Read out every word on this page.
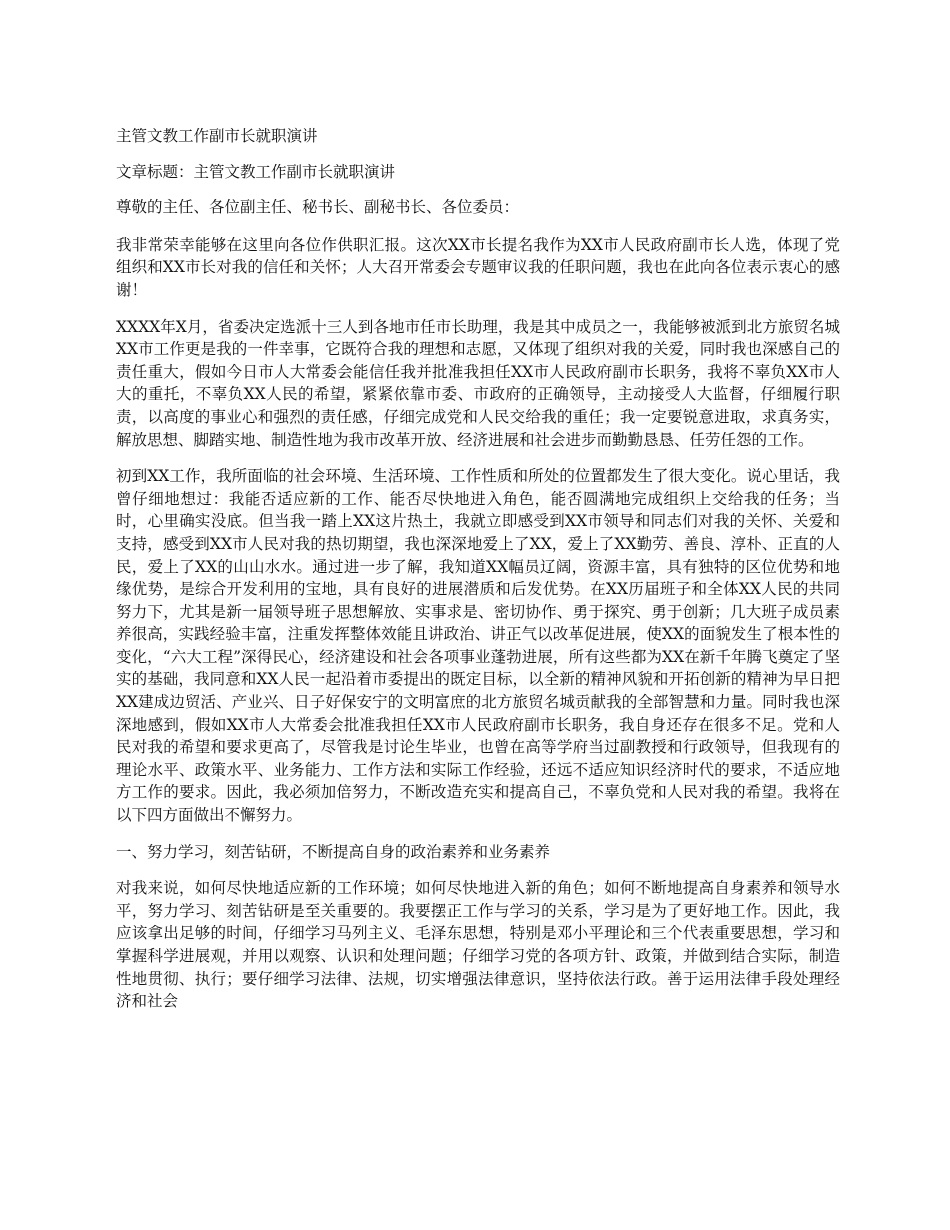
主管文教工作副市长就职演讲

文章标题：主管文教工作副市长就职演讲

尊敬的主任、各位副主任、秘书长、副秘书长、各位委员：

我非常荣幸能够在这里向各位作供职汇报。这次XX市长提名我作为XX市人民政府副市长人选，体现了党组织和XX市长对我的信任和关怀；人大召开常委会专题审议我的任职问题，我也在此向各位表示衷心的感谢！

XXXX年X月，省委决定选派十三人到各地市任市长助理，我是其中成员之一，我能够被派到北方旅贸名城XX市工作更是我的一件幸事，它既符合我的理想和志愿，又体现了组织对我的关爱，同时我也深感自己的责任重大，假如今日市人大常委会能信任我并批准我担任XX市人民政府副市长职务，我将不辜负XX市人大的重托，不辜负XX人民的希望，紧紧依靠市委、市政府的正确领导，主动接受人大监督，仔细履行职责，以高度的事业心和强烈的责任感，仔细完成党和人民交给我的重任；我一定要锐意进取，求真务实，解放思想、脚踏实地、制造性地为我市改革开放、经济进展和社会进步而勤勤恳恳、任劳任怨的工作。

初到XX工作，我所面临的社会环境、生活环境、工作性质和所处的位置都发生了很大变化。说心里话，我曾仔细地想过：我能否适应新的工作、能否尽快地进入角色，能否圆满地完成组织上交给我的任务；当时，心里确实没底。但当我一踏上XX这片热土，我就立即感受到XX市领导和同志们对我的关怀、关爱和支持，感受到XX市人民对我的热切期望，我也深深地爱上了XX，爱上了XX勤劳、善良、淳朴、正直的人民，爱上了XX的山山水水。通过进一步了解，我知道XX幅员辽阔，资源丰富，具有独特的区位优势和地缘优势，是综合开发利用的宝地，具有良好的进展潜质和后发优势。在XX历届班子和全体XX人民的共同努力下，尤其是新一届领导班子思想解放、实事求是、密切协作、勇于探究、勇于创新；几大班子成员素养很高，实践经验丰富，注重发挥整体效能且讲政治、讲正气以改革促进展，使XX的面貌发生了根本性的变化，“六大工程”深得民心，经济建设和社会各项事业蓬勃进展，所有这些都为XX在新千年腾飞奠定了坚实的基础，我同意和XX人民一起沿着市委提出的既定目标，以全新的精神风貌和开拓创新的精神为早日把XX建成边贸活、产业兴、日子好保安宁的文明富庶的北方旅贸名城贡献我的全部智慧和力量。同时我也深深地感到，假如XX市人大常委会批准我担任XX市人民政府副市长职务，我自身还存在很多不足。党和人民对我的希望和要求更高了，尽管我是讨论生毕业，也曾在高等学府当过副教授和行政领导，但我现有的理论水平、政策水平、业务能力、工作方法和实际工作经验，还远不适应知识经济时代的要求，不适应地方工作的要求。因此，我必须加倍努力，不断改造充实和提高自己，不辜负党和人民对我的希望。我将在以下四方面做出不懈努力。

一、努力学习，刻苦钻研，不断提高自身的政治素养和业务素养

对我来说，如何尽快地适应新的工作环境；如何尽快地进入新的角色；如何不断地提高自身素养和领导水平，努力学习、刻苦钻研是至关重要的。我要摆正工作与学习的关系，学习是为了更好地工作。因此，我应该拿出足够的时间，仔细学习马列主义、毛泽东思想，特别是邓小平理论和三个代表重要思想，学习和掌握科学进展观，并用以观察、认识和处理问题；仔细学习党的各项方针、政策，并做到结合实际，制造性地贯彻、执行；要仔细学习法律、法规，切实增强法律意识，坚持依法行政。善于运用法律手段处理经济和社会
